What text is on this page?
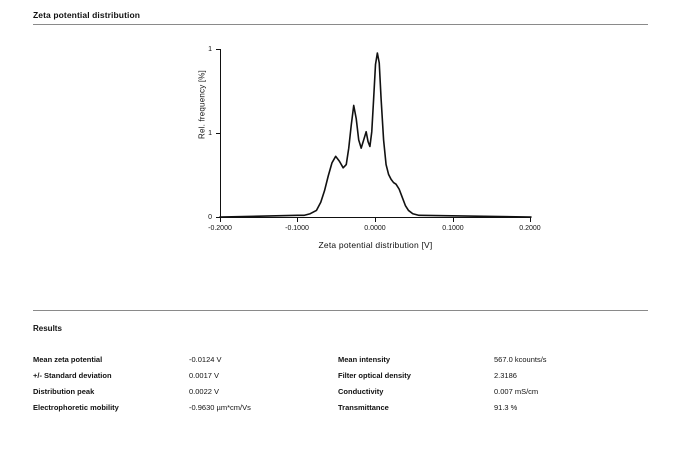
Zeta potential distribution
0
1
1
-0.2000	-0.1000	0.0000	0.1000	0.2000
Rel. frequency [%]
Zeta potential distribution [V]
Results
Mean zeta potential	-0.0124 V
+/- Standard deviation	0.0017 V
Distribution peak	0.0022 V
Electrophoretic mobility	-0.9630 µm*cm/Vs
Mean intensity	567.0 kcounts/s
Filter optical density	2.3186
Conductivity	0.007 mS/cm
Transmittance	91.3 %
